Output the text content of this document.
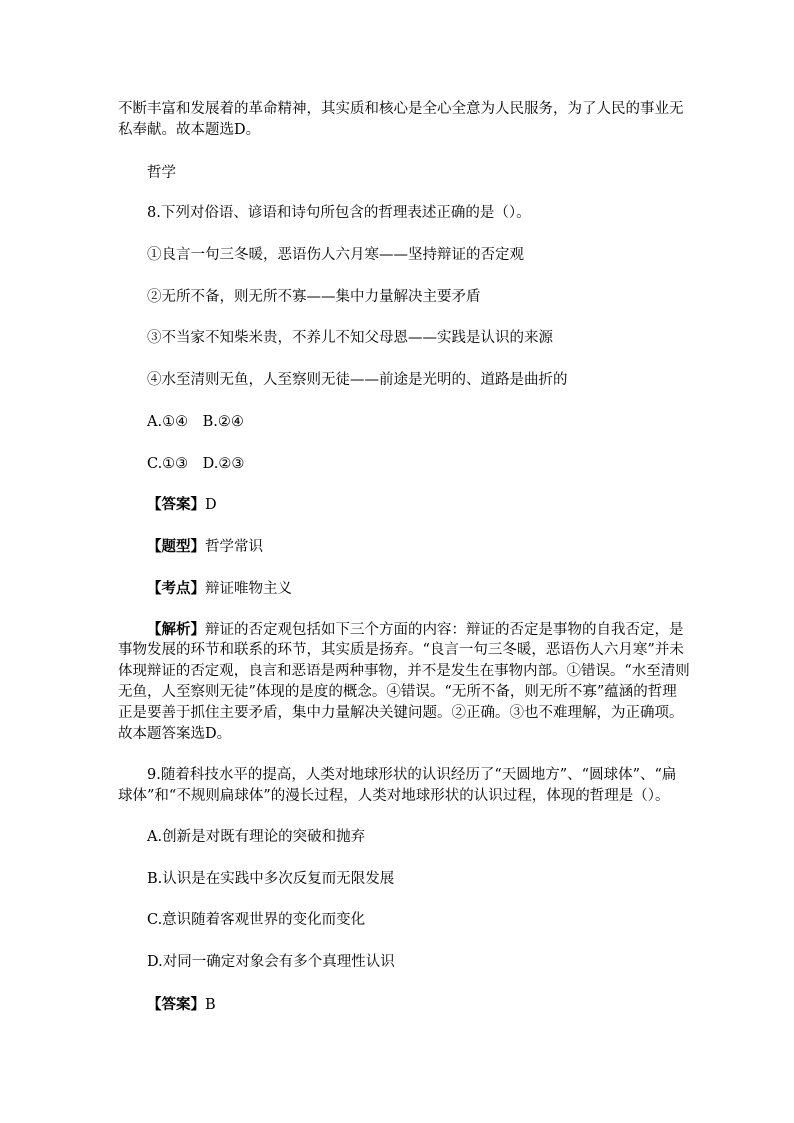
不断丰富和发展着的革命精神，其实质和核心是全心全意为人民服务，为了人民的事业无

私奉献。故本题选D。

哲学

8.下列对俗语、谚语和诗句所包含的哲理表述正确的是（）。

①良言一句三冬暖，恶语伤人六月寒——坚持辩证的否定观

②无所不备，则无所不寡——集中力量解决主要矛盾

③不当家不知柴米贵，不养儿不知父母恩——实践是认识的来源

④水至清则无鱼，人至察则无徒——前途是光明的、道路是曲折的

A.①④　B.②④

C.①③　D.②③

【答案】D

【题型】哲学常识

【考点】辩证唯物主义

【解析】辩证的否定观包括如下三个方面的内容：辩证的否定是事物的自我否定，是

事物发展的环节和联系的环节，其实质是扬弃。“良言一句三冬暖，恶语伤人六月寒”并未

体现辩证的否定观，良言和恶语是两种事物，并不是发生在事物内部。①错误。“水至清则

无鱼，人至察则无徒”体现的是度的概念。④错误。“无所不备，则无所不寡”蕴涵的哲理

正是要善于抓住主要矛盾，集中力量解决关键问题。②正确。③也不难理解，为正确项。

故本题答案选D。

9.随着科技水平的提高，人类对地球形状的认识经历了“天圆地方”、“圆球体”、“扁

球体”和“不规则扁球体”的漫长过程，人类对地球形状的认识过程，体现的哲理是（）。

A.创新是对既有理论的突破和抛弃

B.认识是在实践中多次反复而无限发展

C.意识随着客观世界的变化而变化

D.对同一确定对象会有多个真理性认识

【答案】B
